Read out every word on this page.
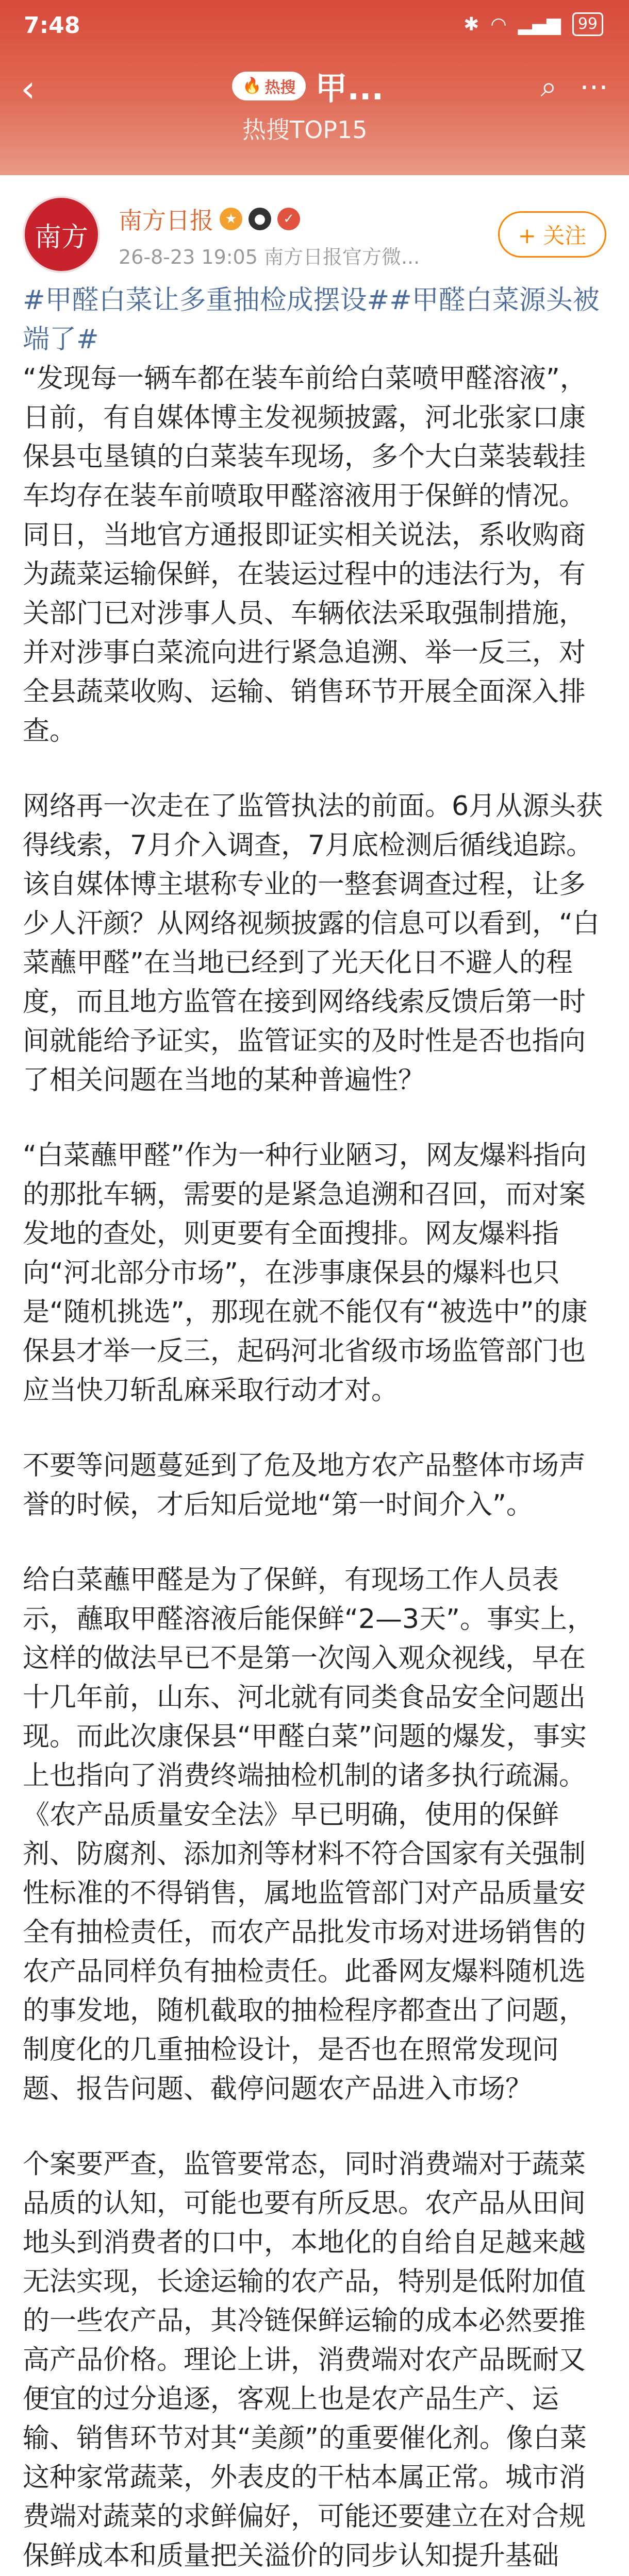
7:48	✱ ◠ ▂▄▆	99
‹	🔥 热搜 甲...
热搜TOP15
⌕ ⋯
南方
南方日报 ★	●	✓
26-8-23 19:05 南方日报官方微...
+ 关注

#甲醛白菜让多重抽检成摆设##甲醛白菜源头被端了#
“发现每一辆车都在装车前给白菜喷甲醛溶液”，日前，有自媒体博主发视频披露，河北张家口康保县屯垦镇的白菜装车现场，多个大白菜装载挂车均存在装车前喷取甲醛溶液用于保鲜的情况。同日，当地官方通报即证实相关说法，系收购商为蔬菜运输保鲜，在装运过程中的违法行为，有关部门已对涉事人员、车辆依法采取强制措施，并对涉事白菜流向进行紧急追溯、举一反三，对全县蔬菜收购、运输、销售环节开展全面深入排查。

网络再一次走在了监管执法的前面。6月从源头获得线索，7月介入调查，7月底检测后循线追踪。该自媒体博主堪称专业的一整套调查过程，让多少人汗颜？从网络视频披露的信息可以看到，“白菜蘸甲醛”在当地已经到了光天化日不避人的程度，而且地方监管在接到网络线索反馈后第一时间就能给予证实，监管证实的及时性是否也指向了相关问题在当地的某种普遍性？

“白菜蘸甲醛”作为一种行业陋习，网友爆料指向的那批车辆，需要的是紧急追溯和召回，而对案发地的查处，则更要有全面搜排。网友爆料指向“河北部分市场”，在涉事康保县的爆料也只是“随机挑选”，那现在就不能仅有“被选中”的康保县才举一反三，起码河北省级市场监管部门也应当快刀斩乱麻采取行动才对。

不要等问题蔓延到了危及地方农产品整体市场声誉的时候，才后知后觉地“第一时间介入”。

给白菜蘸甲醛是为了保鲜，有现场工作人员表示，蘸取甲醛溶液后能保鲜“2—3天”。事实上，这样的做法早已不是第一次闯入观众视线，早在十几年前，山东、河北就有同类食品安全问题出现。而此次康保县“甲醛白菜”问题的爆发，事实上也指向了消费终端抽检机制的诸多执行疏漏。《农产品质量安全法》早已明确，使用的保鲜剂、防腐剂、添加剂等材料不符合国家有关强制性标准的不得销售，属地监管部门对产品质量安全有抽检责任，而农产品批发市场对进场销售的农产品同样负有抽检责任。此番网友爆料随机选的事发地，随机截取的抽检程序都查出了问题，制度化的几重抽检设计，是否也在照常发现问题、报告问题、截停问题农产品进入市场？

个案要严查，监管要常态，同时消费端对于蔬菜品质的认知，可能也要有所反思。农产品从田间地头到消费者的口中，本地化的自给自足越来越无法实现，长途运输的农产品，特别是低附加值的一些农产品，其冷链保鲜运输的成本必然要推高产品价格。理论上讲，消费端对农产品既耐又便宜的过分追逐，客观上也是农产品生产、运输、销售环节对其“美颜”的重要催化剂。像白菜这种家常蔬菜，外表皮的干枯本属正常。城市消费端对蔬菜的求鲜偏好，可能还要建立在对合规保鲜成本和质量把关溢价的同步认知提升基础
